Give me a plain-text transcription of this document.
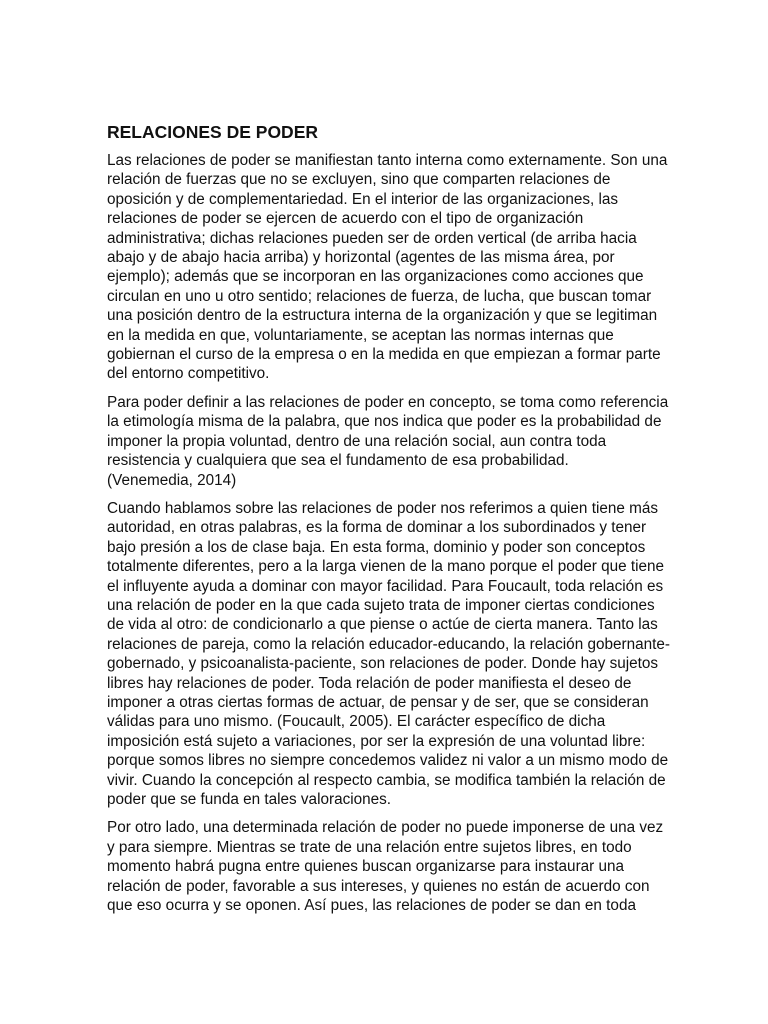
RELACIONES DE PODER

Las relaciones de poder se manifiestan tanto interna como externamente. Son una
relación de fuerzas que no se excluyen, sino que comparten relaciones de
oposición y de complementariedad. En el interior de las organizaciones, las
relaciones de poder se ejercen de acuerdo con el tipo de organización
administrativa; dichas relaciones pueden ser de orden vertical (de arriba hacia
abajo y de abajo hacia arriba) y horizontal (agentes de las misma área, por
ejemplo); además que se incorporan en las organizaciones como acciones que
circulan en uno u otro sentido; relaciones de fuerza, de lucha, que buscan tomar
una posición dentro de la estructura interna de la organización y que se legitiman
en la medida en que, voluntariamente, se aceptan las normas internas que
gobiernan el curso de la empresa o en la medida en que empiezan a formar parte
del entorno competitivo.

Para poder definir a las relaciones de poder en concepto, se toma como referencia
la etimología misma de la palabra, que nos indica que poder es la probabilidad de
imponer la propia voluntad, dentro de una relación social, aun contra toda
resistencia y cualquiera que sea el fundamento de esa probabilidad.
(Venemedia, 2014)

Cuando hablamos sobre las relaciones de poder nos referimos a quien tiene más
autoridad, en otras palabras, es la forma de dominar a los subordinados y tener
bajo presión a los de clase baja. En esta forma, dominio y poder son conceptos
totalmente diferentes, pero a la larga vienen de la mano porque el poder que tiene
el influyente ayuda a dominar con mayor facilidad. Para Foucault, toda relación es
una relación de poder en la que cada sujeto trata de imponer ciertas condiciones
de vida al otro: de condicionarlo a que piense o actúe de cierta manera. Tanto las
relaciones de pareja, como la relación educador-educando, la relación gobernante-
gobernado, y psicoanalista-paciente, son relaciones de poder. Donde hay sujetos
libres hay relaciones de poder. Toda relación de poder manifiesta el deseo de
imponer a otras ciertas formas de actuar, de pensar y de ser, que se consideran
válidas para uno mismo. (Foucault, 2005). El carácter específico de dicha
imposición está sujeto a variaciones, por ser la expresión de una voluntad libre:
porque somos libres no siempre concedemos validez ni valor a un mismo modo de
vivir. Cuando la concepción al respecto cambia, se modifica también la relación de
poder que se funda en tales valoraciones.

Por otro lado, una determinada relación de poder no puede imponerse de una vez
y para siempre. Mientras se trate de una relación entre sujetos libres, en todo
momento habrá pugna entre quienes buscan organizarse para instaurar una
relación de poder, favorable a sus intereses, y quienes no están de acuerdo con
que eso ocurra y se oponen. Así pues, las relaciones de poder se dan en toda
